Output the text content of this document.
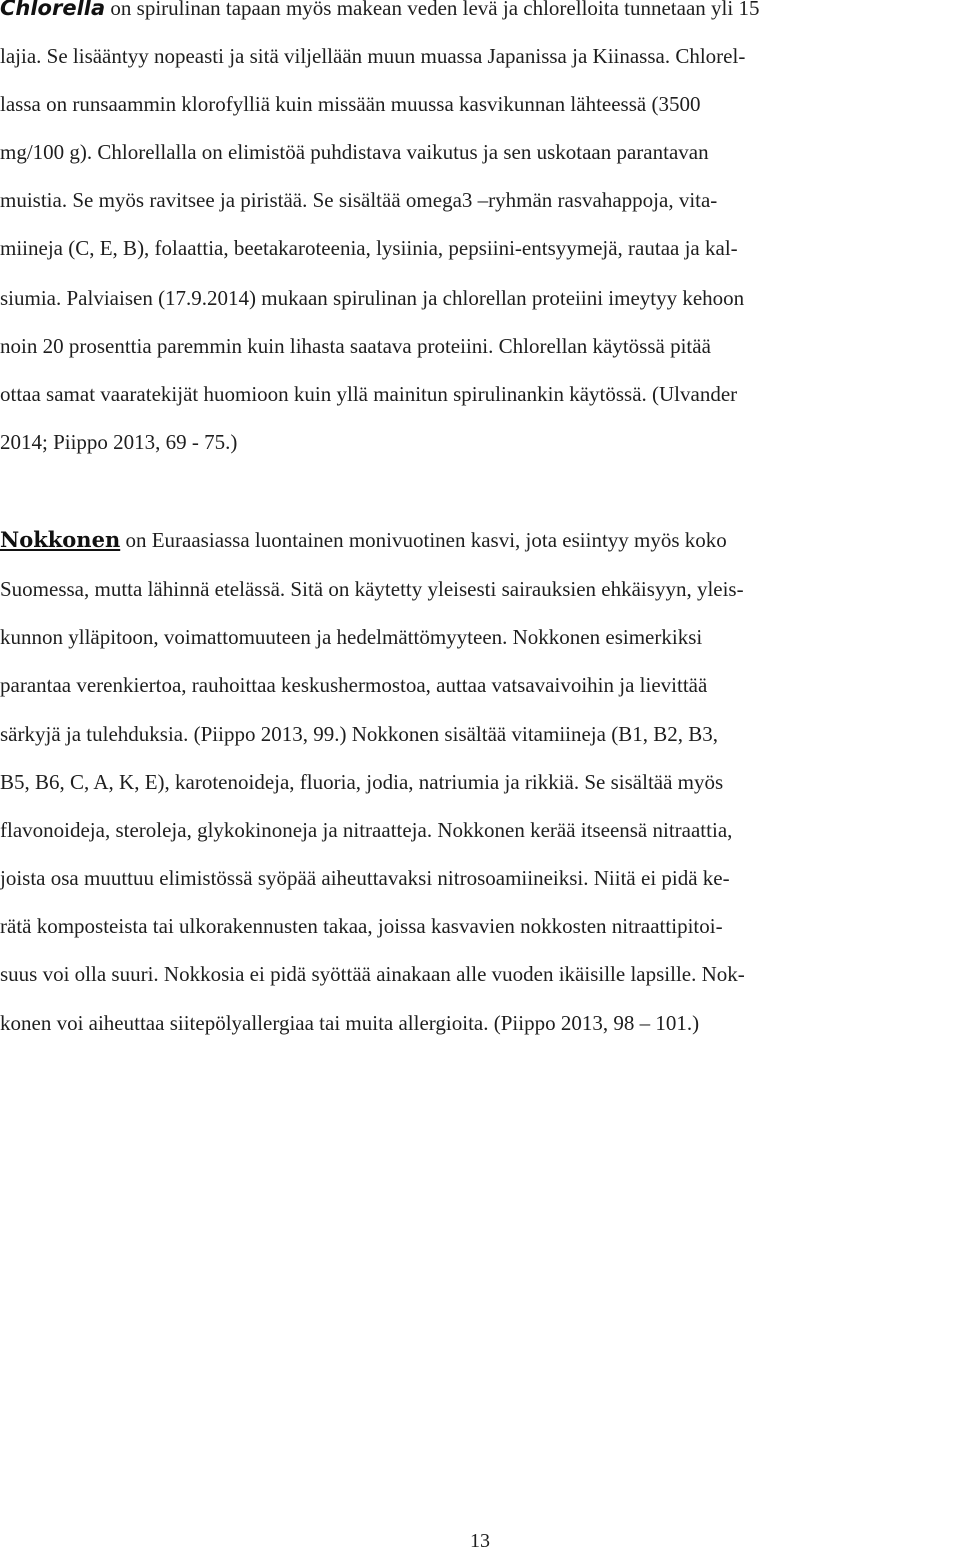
Chlorella on spirulinan tapaan myös makean veden levä ja chlorelloita tunnetaan yli 15
lajia. Se lisääntyy nopeasti ja sitä viljellään muun muassa Japanissa ja Kiinassa. Chlorel-
lassa on runsaammin klorofylliä kuin missään muussa kasvikunnan lähteessä (3500
mg/100 g). Chlorellalla on elimistöä puhdistava vaikutus ja sen uskotaan parantavan
muistia. Se myös ravitsee ja piristää. Se sisältää omega3 –ryhmän rasvahappoja, vita-
miineja (C, E, B), folaattia, beetakaroteenia, lysiinia, pepsiini-entsyymejä, rautaa ja kal-
siumia. Palviaisen (17.9.2014) mukaan spirulinan ja chlorellan proteiini imeytyy kehoon
noin 20 prosenttia paremmin kuin lihasta saatava proteiini. Chlorellan käytössä pitää
ottaa samat vaaratekijät huomioon kuin yllä mainitun spirulinankin käytössä. (Ulvander
2014; Piippo 2013, 69 - 75.)
Nokkonen on Euraasiassa luontainen monivuotinen kasvi, jota esiintyy myös koko
Suomessa, mutta lähinnä etelässä. Sitä on käytetty yleisesti sairauksien ehkäisyyn, yleis-
kunnon ylläpitoon, voimattomuuteen ja hedelmättömyyteen. Nokkonen esimerkiksi
parantaa verenkiertoa, rauhoittaa keskushermostoa, auttaa vatsavaivoihin ja lievittää
särkyjä ja tulehduksia. (Piippo 2013, 99.) Nokkonen sisältää vitamiineja (B1, B2, B3,
B5, B6, C, A, K, E), karotenoideja, fluoria, jodia, natriumia ja rikkiä. Se sisältää myös
flavonoideja, steroleja, glykokinoneja ja nitraatteja. Nokkonen kerää itseensä nitraattia,
joista osa muuttuu elimistössä syöpää aiheuttavaksi nitrosoamiineiksi. Niitä ei pidä ke-
rätä komposteista tai ulkorakennusten takaa, joissa kasvavien nokkosten nitraattipitoi-
suus voi olla suuri. Nokkosia ei pidä syöttää ainakaan alle vuoden ikäisille lapsille. Nok-
konen voi aiheuttaa siitepölyallergiaa tai muita allergioita. (Piippo 2013, 98 – 101.)
13
